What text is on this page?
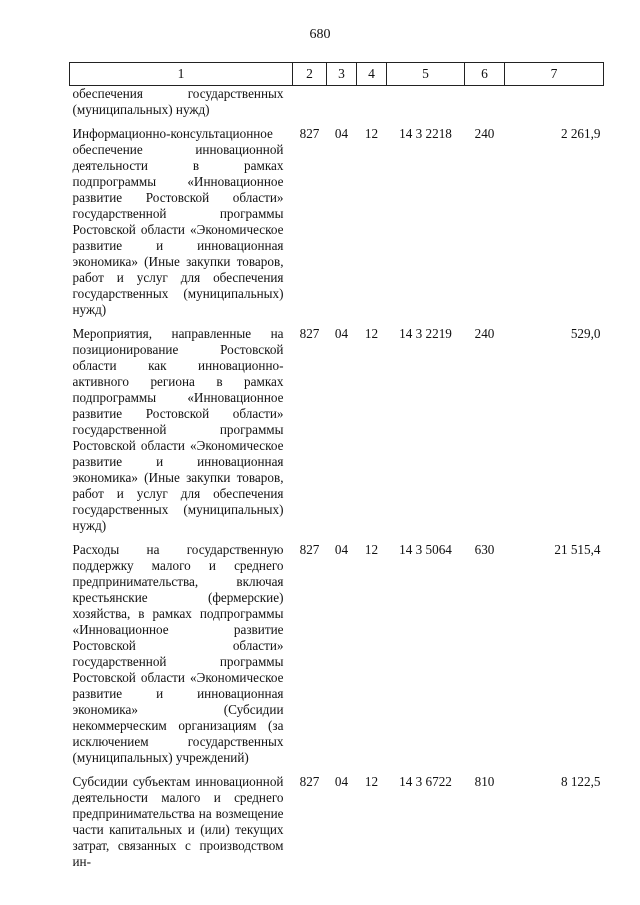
680
1	2	3	4	5	6	7
обеспечения государственных (муниципальных) нужд)						
Информационно-консультационное обеспечение инновационной деятельности в рамках подпрограммы «Инновационное развитие Ростовской области» государственной программы Ростовской области «Экономическое развитие и инновационная экономика» (Иные закупки товаров, работ и услуг для обеспечения государственных (муниципальных) нужд)	827	04	12	14 3 2218	240	2 261,9
Мероприятия, направленные на позиционирование Ростовской области как инновационно-активного региона в рамках подпрограммы «Инновационное развитие Ростовской области» государственной программы Ростовской области «Экономическое развитие и инновационная экономика» (Иные закупки товаров, работ и услуг для обеспечения государственных (муниципальных) нужд)	827	04	12	14 3 2219	240	529,0
Расходы на государственную поддержку малого и среднего предпринимательства, включая крестьянские (фермерские) хозяйства, в рамках подпрограммы «Инновационное развитие Ростовской области» государственной программы Ростовской области «Экономическое развитие и инновационная экономика» (Субсидии некоммерческим организациям (за исключением государственных (муниципальных) учреждений)	827	04	12	14 3 5064	630	21 515,4
Субсидии субъектам инновационной деятельности малого и среднего предпринимательства на возмещение части капитальных и (или) текущих затрат, связанных с производством ин-	827	04	12	14 3 6722	810	8 122,5
